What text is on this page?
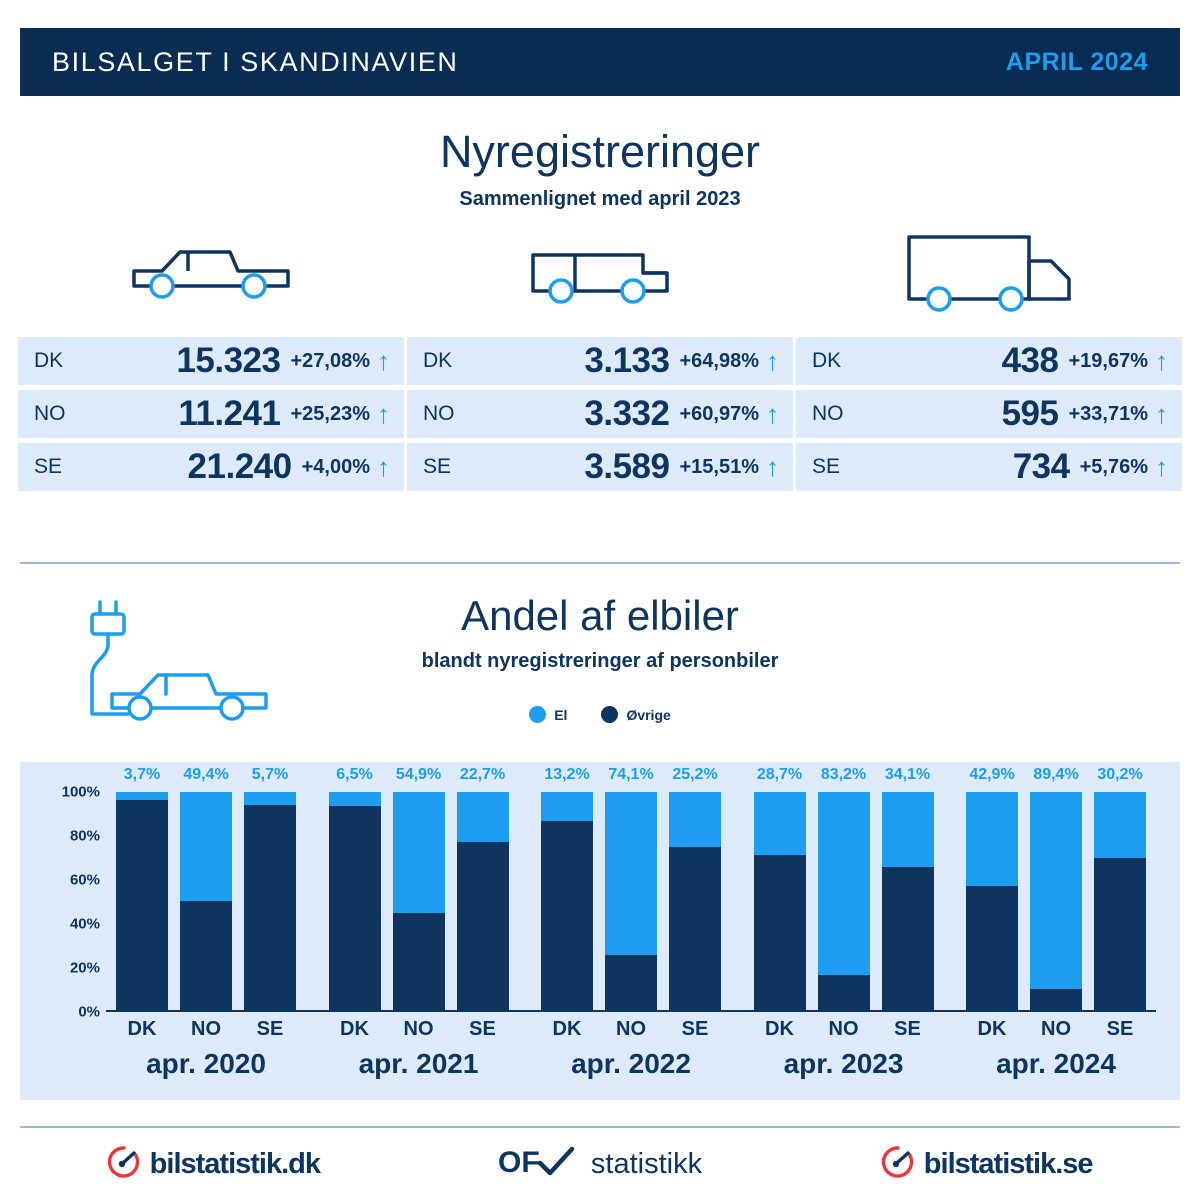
BILSALGET I SKANDINAVIEN	APRIL 2024
Nyregistreringer
Sammenlignet med april 2023
DK	15.323 +27,08% ↑
NO	11.241 +25,23% ↑
SE	21.240 +4,00% ↑
DK	3.133 +64,98% ↑
NO	3.332 +60,97% ↑
SE	3.589 +15,51% ↑
DK	438 +19,67% ↑
NO	595 +33,71% ↑
SE	734 +5,76% ↑
Andel af elbiler
blandt nyregistreringer af personbiler
El	Øvrige
100%
80%
60%
40%
20%
0%
3,7%
DK
49,4%
NO
5,7%
SE
apr. 2020
6,5%
DK
54,9%
NO
22,7%
SE
apr. 2021
13,2%
DK
74,1%
NO
25,2%
SE
apr. 2022
28,7%
DK
83,2%
NO
34,1%
SE
apr. 2023
42,9%
DK
89,4%
NO
30,2%
SE
apr. 2024
bilstatistik.dk	OF statistikk	bilstatistik.se
